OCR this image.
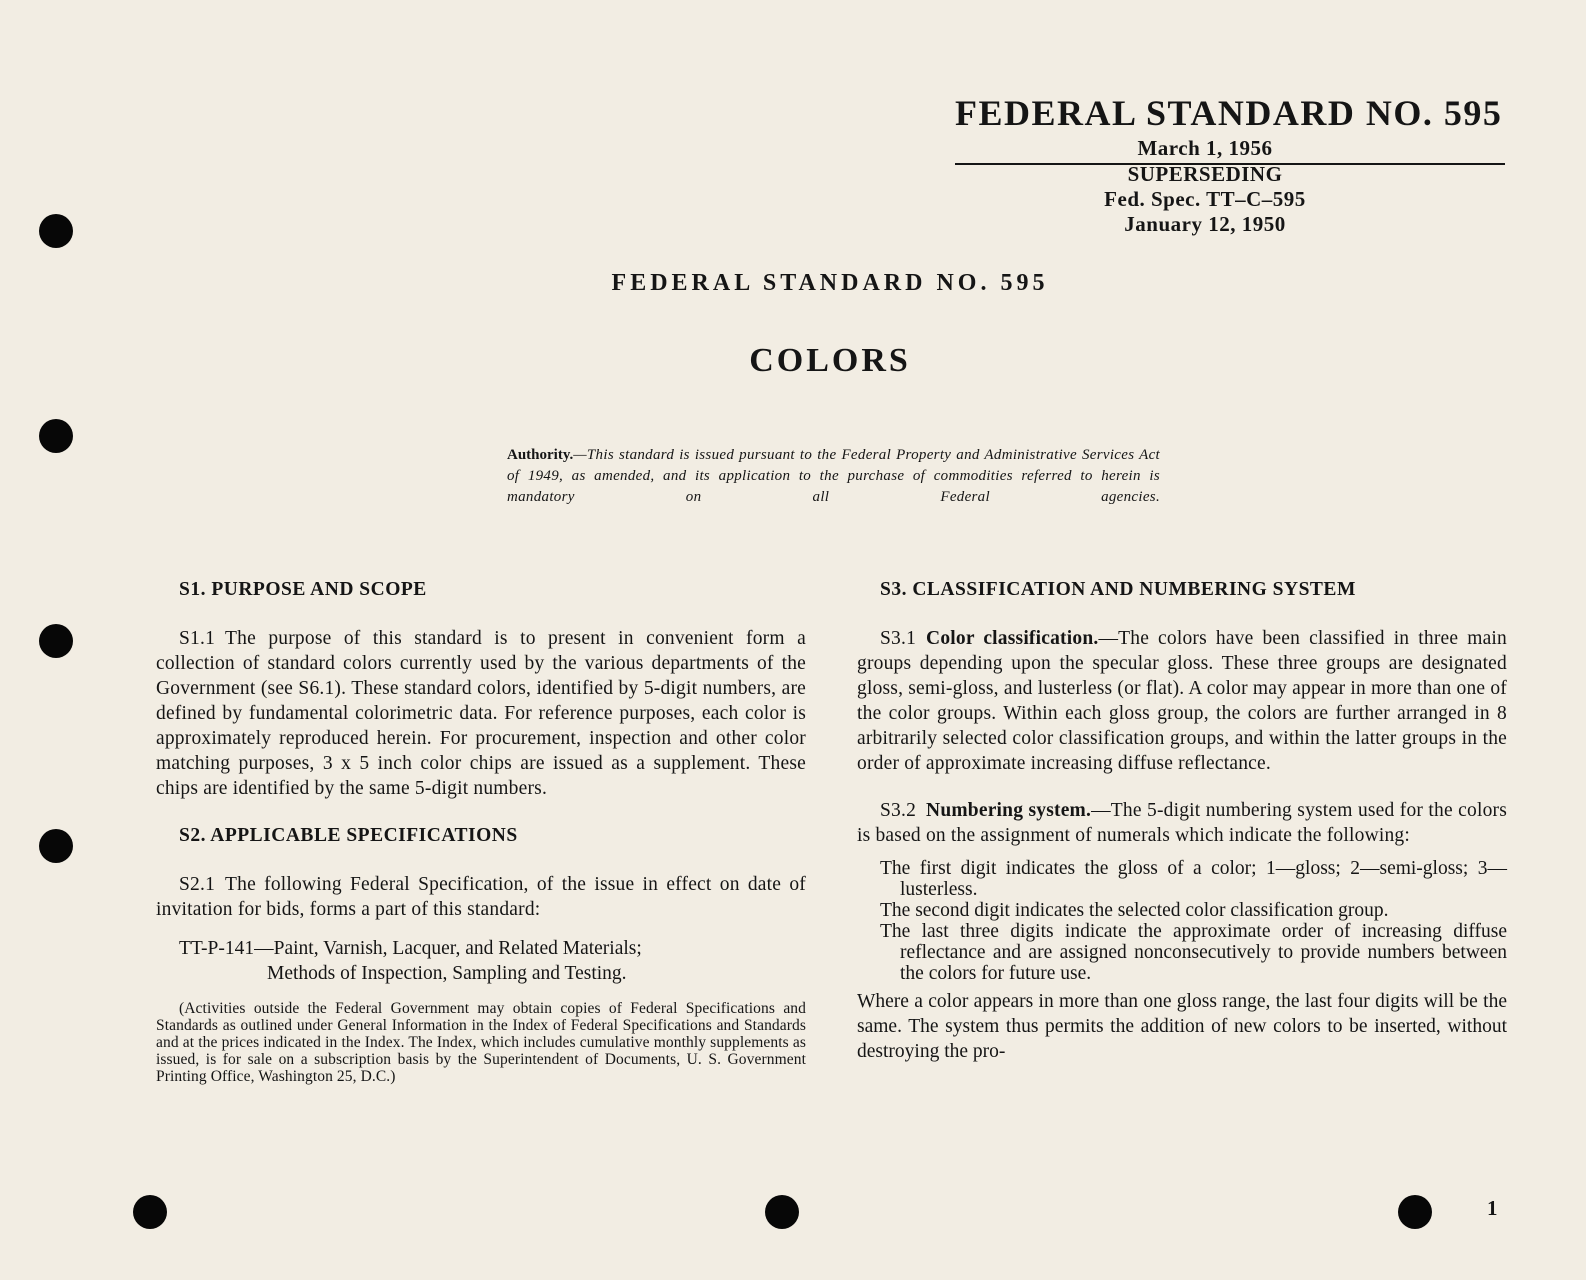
FEDERAL STANDARD NO. 595
March 1, 1956
SUPERSEDING
Fed. Spec. TT–C–595
January 12, 1950
FEDERAL STANDARD NO. 595
COLORS
Authority.—This standard is issued pursuant to the Federal Property and Administrative Services Act of 1949, as amended, and its application to the purchase of commodities referred to herein is mandatory on all Federal agencies.
S1. PURPOSE AND SCOPE

S1.1 The purpose of this standard is to present in convenient form a collection of standard colors currently used by the various departments of the Government (see S6.1). These standard colors, identified by 5-digit numbers, are defined by fundamental colorimetric data. For reference purposes, each color is approximately reproduced herein. For procurement, inspection and other color matching purposes, 3 x 5 inch color chips are issued as a supplement. These chips are identified by the same 5-digit numbers.

S2. APPLICABLE SPECIFICATIONS

S2.1 The following Federal Specification, of the issue in effect on date of invitation for bids, forms a part of this standard:

TT-P-141—Paint, Varnish, Lacquer, and Related Materials;
Methods of Inspection, Sampling and Testing.
(Activities outside the Federal Government may obtain copies of Federal Specifications and Standards as outlined under General Information in the Index of Federal Specifications and Standards and at the prices indicated in the Index. The Index, which includes cumulative monthly supplements as issued, is for sale on a subscription basis by the Superintendent of Documents, U. S. Government Printing Office, Washington 25, D.C.)
S3. CLASSIFICATION AND NUMBERING SYSTEM

S3.1 Color classification.—The colors have been classified in three main groups depending upon the specular gloss. These three groups are designated gloss, semi-gloss, and lusterless (or flat). A color may appear in more than one of the color groups. Within each gloss group, the colors are further arranged in 8 arbitrarily selected color classification groups, and within the latter groups in the order of approximate increasing diffuse reflectance.

S3.2 Numbering system.—The 5-digit numbering system used for the colors is based on the assignment of numerals which indicate the following:

The first digit indicates the gloss of a color; 1—gloss; 2—semi-gloss; 3—lusterless.
The second digit indicates the selected color classification group.
The last three digits indicate the approximate order of increasing diffuse reflectance and are assigned nonconsecutively to provide numbers between the colors for future use.
Where a color appears in more than one gloss range, the last four digits will be the same. The system thus permits the addition of new colors to be inserted, without destroying the pro-
1
